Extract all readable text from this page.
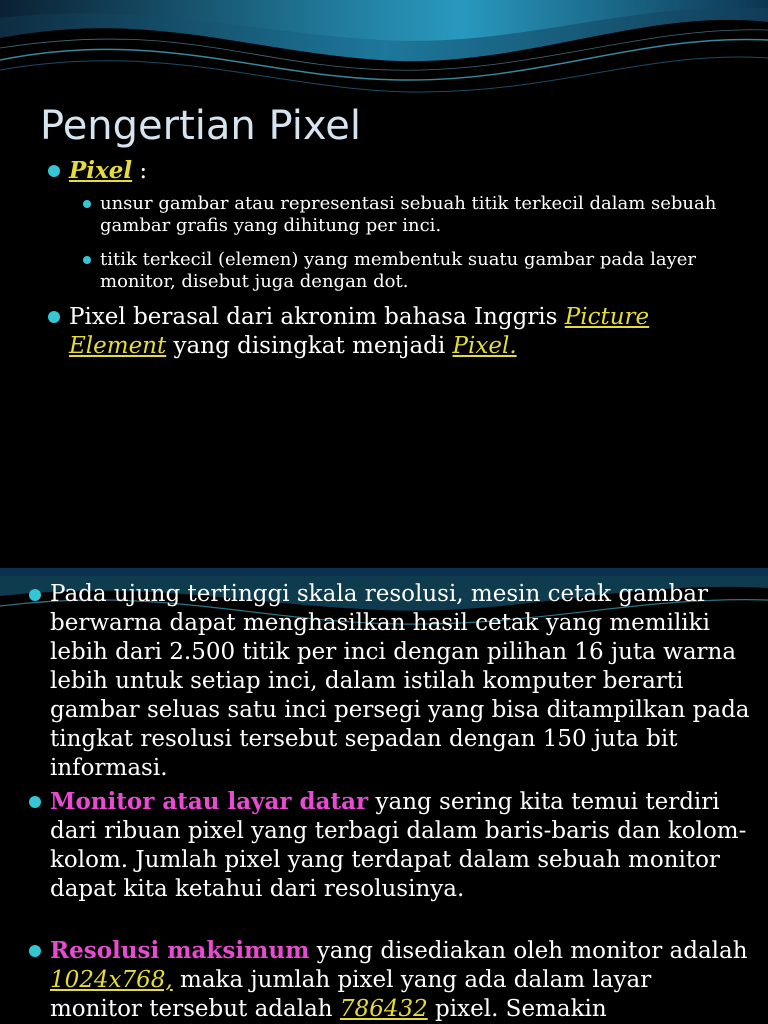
Pengertian Pixel
Pixel :
unsur gambar atau representasi sebuah titik terkecil dalam sebuah gambar grafis yang dihitung per inci.
titik terkecil (elemen) yang membentuk suatu gambar pada layer monitor, disebut juga dengan dot.
Pixel berasal dari akronim bahasa Inggris Picture Element yang disingkat menjadi Pixel.
Pada ujung tertinggi skala resolusi, mesin cetak gambar berwarna dapat menghasilkan hasil cetak yang memiliki lebih dari 2.500 titik per inci dengan pilihan 16 juta warna lebih untuk setiap inci, dalam istilah komputer berarti gambar seluas satu inci persegi yang bisa ditampilkan pada tingkat resolusi tersebut sepadan dengan 150 juta bit informasi.
Monitor atau layar datar yang sering kita temui terdiri dari ribuan pixel yang terbagi dalam baris-baris dan kolom-kolom. Jumlah pixel yang terdapat dalam sebuah monitor dapat kita ketahui dari resolusinya.
Resolusi maksimum yang disediakan oleh monitor adalah 1024x768, maka jumlah pixel yang ada dalam layar monitor tersebut adalah 786432 pixel. Semakin
